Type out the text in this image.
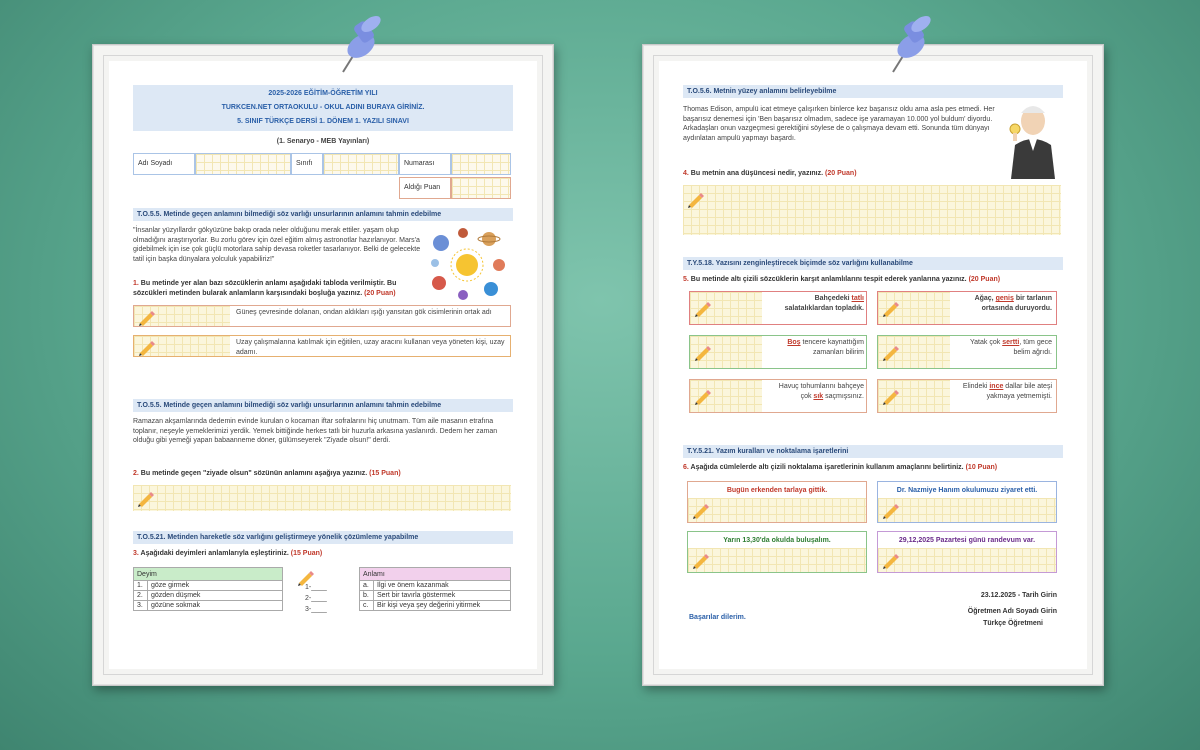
2025-2026 EĞİTİM-ÖĞRETİM YILI
TURKCEN.NET ORTAOKULU - OKUL ADINI BURAYA GİRİNİZ.
5. SINIF TÜRKÇE DERSİ 1. DÖNEM 1. YAZILI SINAVI
(1. Senaryo - MEB Yayınları)
Adı Soyadı	Sınıfı	Numarası
Aldığı Puan
T.O.5.5. Metinde geçen anlamını bilmediği söz varlığı unsurlarının anlamını tahmin edebilme
"İnsanlar yüzyıllardır gökyüzüne bakıp orada neler olduğunu merak ettiler. yaşam olup olmadığını araştırıyorlar. Bu zorlu görev için özel eğitim almış astronotlar hazırlanıyor. Mars'a gidebilmek için ise çok güçlü motorlara sahip devasa roketler tasarlanıyor. Belki de gelecekte tatil için başka dünyalara yolculuk yapabiliriz!"
1. Bu metinde yer alan bazı sözcüklerin anlamı aşağıdaki tabloda verilmiştir. Bu sözcükleri metinden bularak anlamların karşısındaki boşluğa yazınız. (20 Puan)
Güneş çevresinde dolanan, ondan aldıkları ışığı yansıtan gök cisimlerinin ortak adı
Uzay çalışmalarına katılmak için eğitilen, uzay aracını kullanan veya yöneten kişi, uzay adamı.
T.O.5.5. Metinde geçen anlamını bilmediği söz varlığı unsurlarının anlamını tahmin edebilme
Ramazan akşamlarında dedemin evinde kurulan o kocaman iftar sofralarını hiç unutmam. Tüm aile masanın etrafına toplanır, neşeyle yemeklerimizi yerdik. Yemek bittiğinde herkes tatlı bir huzurla arkasına yaslanırdı. Dedem her zaman olduğu gibi yemeği yapan babaanneme döner, gülümseyerek "Ziyade olsun!" derdi.
2. Bu metinde geçen "ziyade olsun" sözünün anlamını aşağıya yazınız. (15 Puan)
T.O.5.21. Metinden hareketle söz varlığını geliştirmeye yönelik çözümleme yapabilme
3. Aşağıdaki deyimleri anlamlarıyla eşleştiriniz. (15 Puan)
Deyim	
1.	göze girmek
2.	gözden düşmek
3.	gözüne sokmak
1-____
2-____
3-____
Anlamı	
a.	İlgi ve önem kazanmak
b.	Sert bir tavırla göstermek
c.	Bir kişi veya şey değerini yitirmek
T.O.5.6. Metnin yüzey anlamını belirleyebilme
Thomas Edison, ampulü icat etmeye çalışırken binlerce kez başarısız oldu ama asla pes etmedi. Her başarısız denemesi için 'Ben başarısız olmadım, sadece işe yaramayan 10.000 yol buldum' diyordu. Arkadaşları onun vazgeçmesi gerektiğini söylese de o çalışmaya devam etti. Sonunda tüm dünyayı aydınlatan ampulü yapmayı başardı.
4. Bu metnin ana düşüncesi nedir, yazınız. (20 Puan)
T.Y.5.18. Yazısını zenginleştirecek biçimde söz varlığını kullanabilme
5. Bu metinde altı çizili sözcüklerin karşıt anlamlılarını tespit ederek yanlarına yazınız. (20 Puan)
Bahçedeki tatlı salatalıklardan topladık.
Ağaç, geniş bir tarlanın ortasında duruyordu.
Boş tencere kaynattığım zamanları bilirim
Yatak çok sertti, tüm gece belim ağrıdı.
Havuç tohumlarını bahçeye çok sık saçmışsınız.
Elindeki ince dallar bile ateşi yakmaya yetmemişti.
T.Y.5.21. Yazım kuralları ve noktalama işaretlerini
6. Aşağıda cümlelerde altı çizili noktalama işaretlerinin kullanım amaçlarını belirtiniz. (10 Puan)
Bugün erkenden tarlaya gittik.	Dr. Nazmiye Hanım okulumuzu ziyaret etti.
Yarın 13,30'da okulda buluşalım.	29,12,2025 Pazartesi günü randevum var.
23.12.2025 - Tarih Girin
Öğretmen Adı Soyadı Girin
Türkçe Öğretmeni
Başarılar dilerim.
